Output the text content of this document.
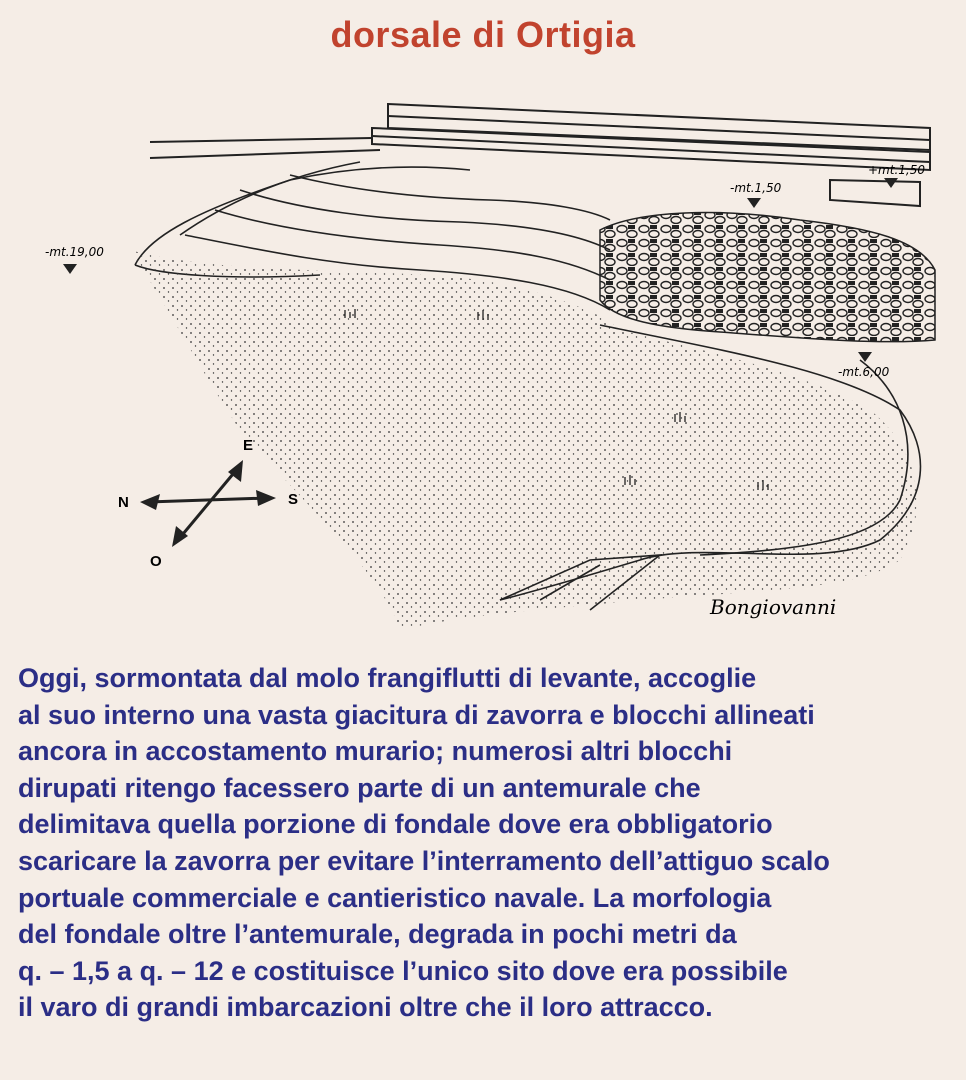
dorsale di Ortigia
-mt.19,00
-mt.1,50
+mt.1,50
-mt.6,00
E
N	S
O
Bongiovanni
Oggi, sormontata dal molo frangiflutti di levante, accoglie
al suo interno una vasta giacitura di zavorra e blocchi allineati
ancora in accostamento murario; numerosi altri blocchi
dirupati ritengo facessero parte di un antemurale che
delimitava quella porzione di fondale dove era obbligatorio
scaricare la zavorra per evitare l’interramento dell’attiguo scalo
portuale commerciale e cantieristico navale. La morfologia
del fondale oltre l’antemurale, degrada in pochi metri da
q. – 1,5 a q. – 12 e costituisce l’unico sito dove era possibile
il varo di grandi imbarcazioni oltre che il loro attracco.
